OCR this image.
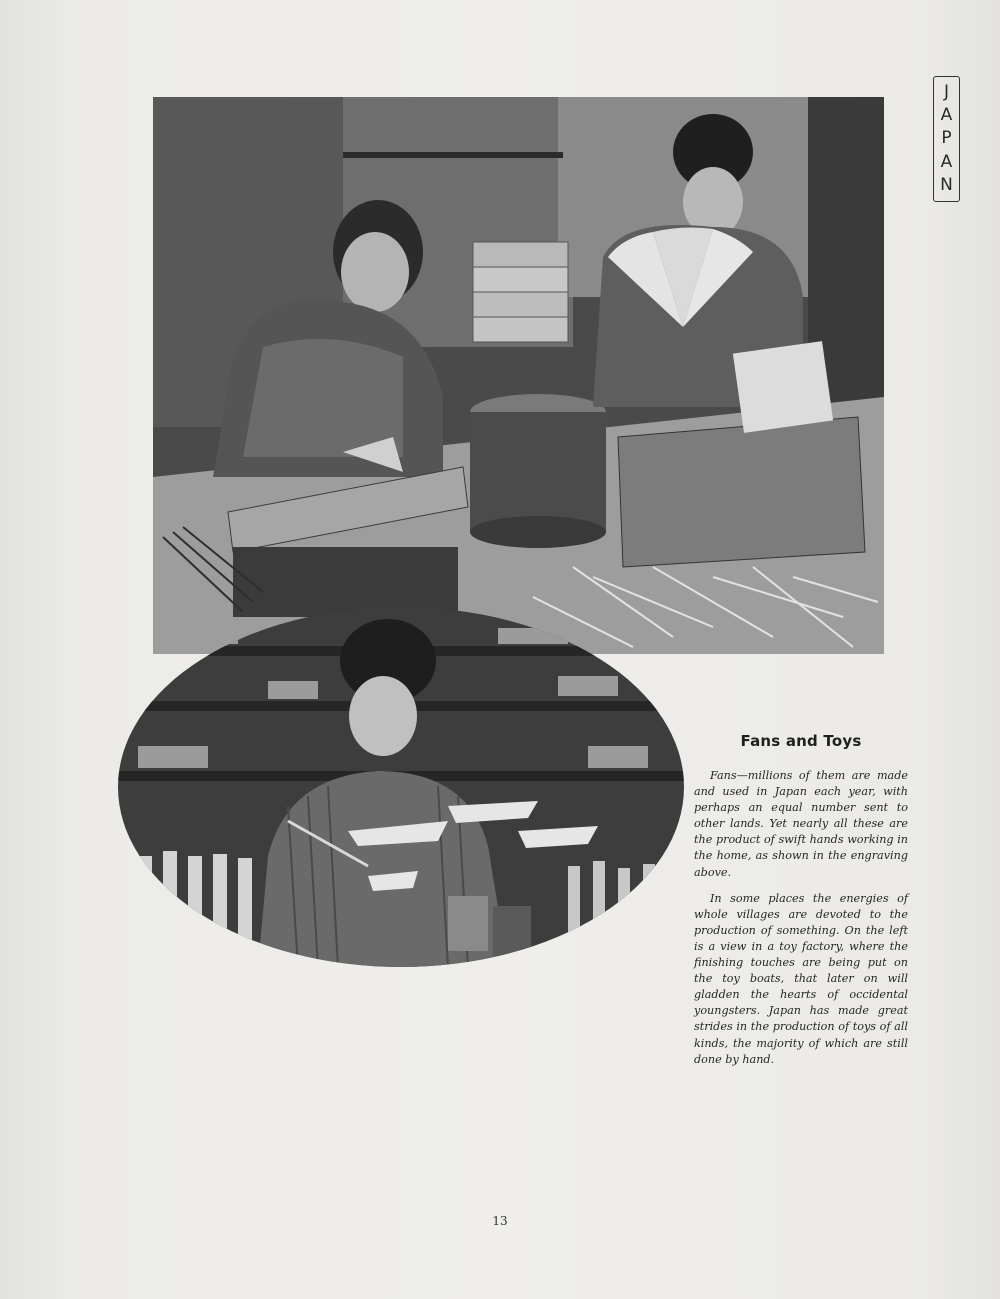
J
A
P
A
N
Fans and Toys

Fans—millions of them are made and used in Japan each year, with perhaps an equal number sent to other lands. Yet nearly all these are the product of swift hands working in the home, as shown in the engraving above.

In some places the energies of whole villages are devoted to the production of something. On the left is a view in a toy factory, where the finishing touches are being put on the toy boats, that later on will gladden the hearts of occidental youngsters. Japan has made great strides in the production of toys of all kinds, the majority of which are still done by hand.

13
